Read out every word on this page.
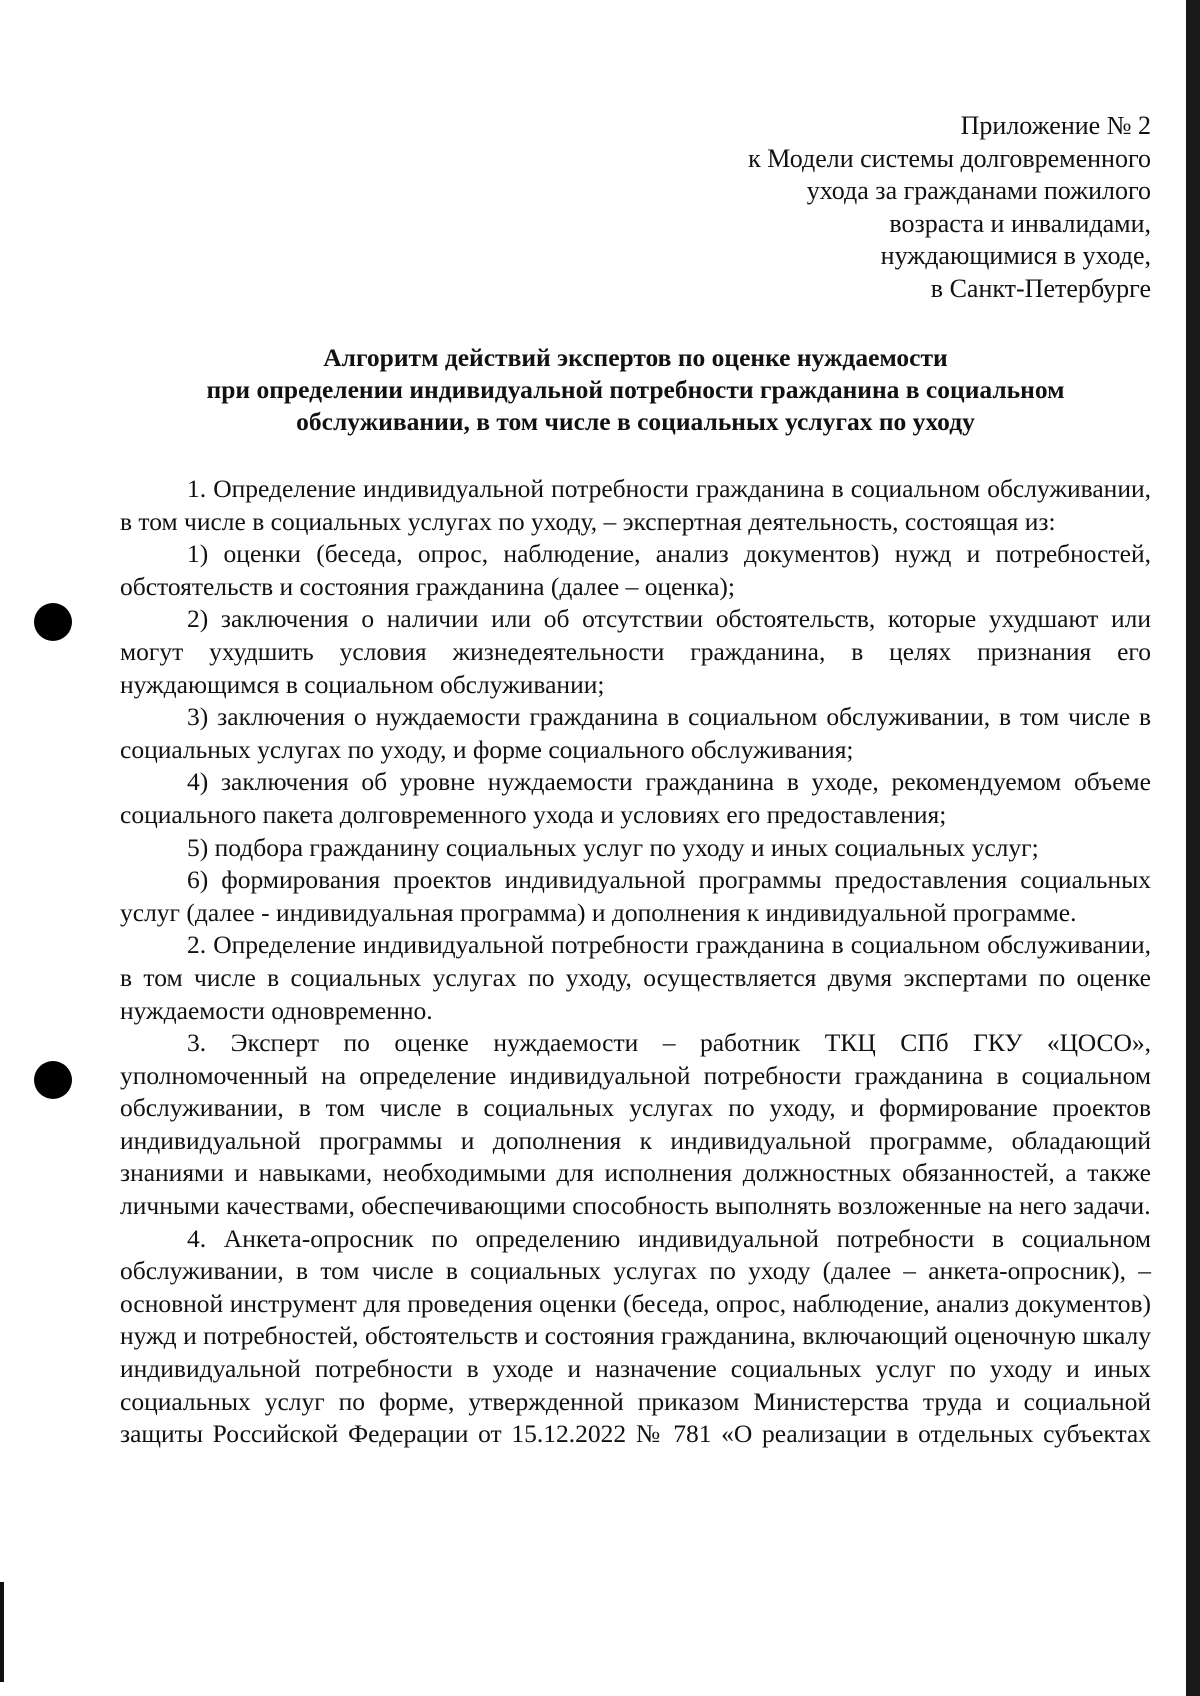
Приложение № 2
к Модели системы долговременного
ухода за гражданами пожилого
возраста и инвалидами,
нуждающимися в уходе,
в Санкт-Петербурге
Алгоритм действий экспертов по оценке нуждаемости
при определении индивидуальной потребности гражданина в социальном
обслуживании, в том числе в социальных услугах по уходу

1. Определение индивидуальной потребности гражданина в социальном обслуживании, в том числе в социальных услугах по уходу, – экспертная деятельность, состоящая из:

1) оценки (беседа, опрос, наблюдение, анализ документов) нужд и потребностей, обстоятельств и состояния гражданина (далее – оценка);

2) заключения о наличии или об отсутствии обстоятельств, которые ухудшают или могут ухудшить условия жизнедеятельности гражданина, в целях признания его нуждающимся в социальном обслуживании;

3) заключения о нуждаемости гражданина в социальном обслуживании, в том числе в социальных услугах по уходу, и форме социального обслуживания;

4) заключения об уровне нуждаемости гражданина в уходе, рекомендуемом объеме социального пакета долговременного ухода и условиях его предоставления;

5) подбора гражданину социальных услуг по уходу и иных социальных услуг;

6) формирования проектов индивидуальной программы предоставления социальных услуг (далее - индивидуальная программа) и дополнения к индивидуальной программе.

2. Определение индивидуальной потребности гражданина в социальном обслуживании, в том числе в социальных услугах по уходу, осуществляется двумя экспертами по оценке нуждаемости одновременно.

3. Эксперт по оценке нуждаемости – работник ТКЦ СПб ГКУ «ЦОСО», уполномоченный на определение индивидуальной потребности гражданина в социальном обслуживании, в том числе в социальных услугах по уходу, и формирование проектов индивидуальной программы и дополнения к индивидуальной программе, обладающий знаниями и навыками, необходимыми для исполнения должностных обязанностей, а также личными качествами, обеспечивающими способность выполнять возложенные на него задачи.

4. Анкета-опросник по определению индивидуальной потребности в социальном обслуживании, в том числе в социальных услугах по уходу (далее – анкета-опросник), – основной инструмент для проведения оценки (беседа, опрос, наблюдение, анализ документов) нужд и потребностей, обстоятельств и состояния гражданина, включающий оценочную шкалу индивидуальной потребности в уходе и назначение социальных услуг по уходу и иных социальных услуг по форме, утвержденной приказом Министерства труда и социальной защиты Российской Федерации от 15.12.2022 № 781 «О реализации в отдельных субъектах
